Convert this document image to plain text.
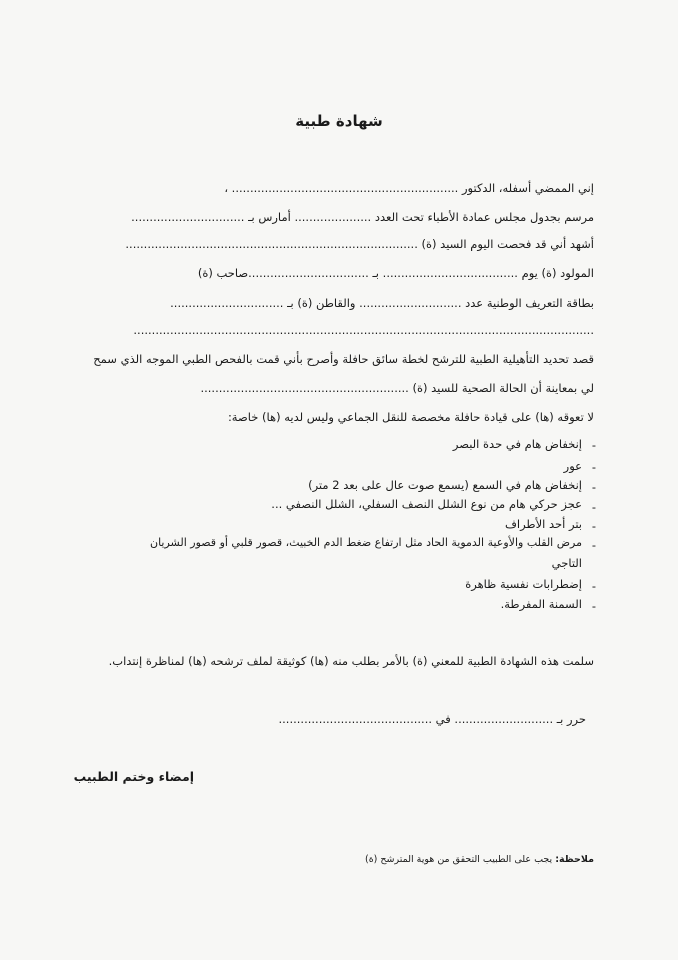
شهادة طبية
إني الممضي أسفله، الدكتور .............................................................. ،
مرسم بجدول مجلس عمادة الأطباء تحت العدد ..................... أمارس بـ ...............................
أشهد أني قد فحصت اليوم السيد (ة) ................................................................................
المولود (ة) يوم ..................................... بـ .................................صاحب (ة)
بطاقة التعريف الوطنية عدد ............................ والقاطن (ة) بـ ...............................
..............................................................................................................................
قصد تحديد التأهيلية الطبية للترشح لخطة سائق حافلة وأصرح بأني قمت بالفحص الطبي الموجه الذي سمح
لي بمعاينة أن الحالة الصحية للسيد (ة) .........................................................
لا تعوقه (ها) على قيادة حافلة مخصصة للنقل الجماعي وليس لديه (ها) خاصة:
-
إنخفاض هام في حدة البصر
-
عور
-
إنخفاض هام في السمع (يسمع صوت عال على بعد 2 متر)
-
عجز حركي هام من نوع الشلل النصف السفلي، الشلل النصفي ...
-
بتر أحد الأطراف
-
مرض القلب والأوعية الدموية الحاد مثل ارتفاع ضغط الدم الخبيث، قصور قلبي أو قصور الشريان
التاجي
-
إضطرابات نفسية ظاهرة
-
السمنة المفرطة.
سلمت هذه الشهادة الطبية للمعني (ة) بالأمر بطلب منه (ها) كوثيقة لملف ترشحه (ها) لمناظرة إنتداب.
حرر بـ ........................... في ..........................................
إمضاء وختم الطبيب
ملاحظة: يجب على الطبيب التحقق من هوية المترشح (ة)
